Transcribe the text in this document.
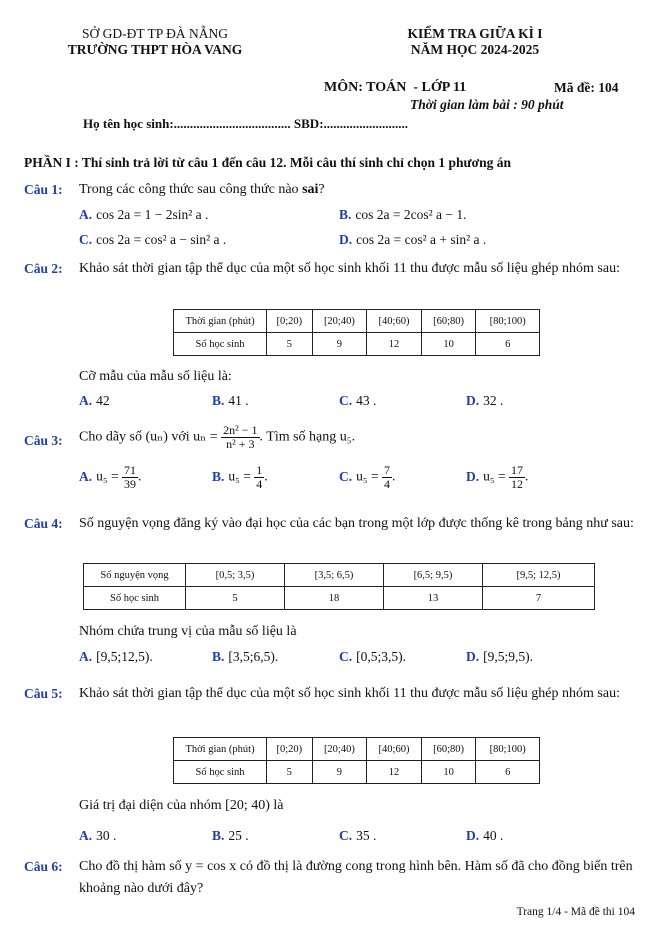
SỞ GD-ĐT TP ĐÀ NẴNG
TRƯỜNG THPT HÒA VANG
KIỂM TRA GIỮA KÌ I
NĂM HỌC 2024-2025
MÔN: TOÁN  - LỚP 11	Mã đề: 104
Thời gian làm bài : 90 phút
Họ tên học sinh:.................................... SBD:..........................
PHẦN I : Thí sinh trả lời từ câu 1 đến câu 12. Mỗi câu thí sinh chỉ chọn 1 phương án
Câu 1: Trong các công thức sau công thức nào sai?
A. cos 2a = 1 − 2sin² a .	B. cos 2a = 2cos² a − 1.
C. cos 2a = cos² a − sin² a .	D. cos 2a = cos² a + sin² a .
Câu 2: Khảo sát thời gian tập thể dục của một số học sinh khối 11 thu được mẫu số liệu ghép nhóm sau:
Thời gian (phút)	[0;20)	[20;40)	[40;60)	[60;80)	[80;100)
Số học sinh	5	9	12	10	6
Cỡ mẫu của mẫu số liệu là:
A. 42	B. 41 .	C. 43 .	D. 32 .
Câu 3: Cho dãy số (uₙ) với $u_n = \frac{\text{2n² − 1}}{\text{n² + 3}}$ . Tìm số hạng u₅.
A. $u_5 = \frac{71}{39}$ .	B. $u_5 = \frac{1}{4}$ .	C. $u_5 = \frac{7}{4}$ .	D. $u_5 = \frac{17}{12}$ .
Câu 4: Số nguyện vọng đăng ký vào đại học của các bạn trong một lớp được thống kê trong bảng như sau:
Số nguyện vọng	[0,5; 3,5)	[3,5; 6,5)	[6,5; 9,5)	[9,5; 12,5)
Số học sinh	5	18	13	7
Nhóm chứa trung vị của mẫu số liệu là
A. [9,5;12,5).	B. [3,5;6,5).	C. [0,5;3,5).	D. [9,5;9,5).
Câu 5: Khảo sát thời gian tập thể dục của một số học sinh khối 11 thu được mẫu số liệu ghép nhóm sau:
Thời gian (phút)	[0;20)	[20;40)	[40;60)	[60;80)	[80;100)
Số học sinh	5	9	12	10	6
Giá trị đại diện của nhóm [20; 40) là
A. 30 .	B. 25 .	C. 35 .	D. 40 .
Câu 6: Cho đồ thị hàm số y = cos x có đồ thị là đường cong trong hình bên. Hàm số đã cho đồng biến trên khoảng nào dưới đây?
Trang 1/4 - Mã đề thi 104
